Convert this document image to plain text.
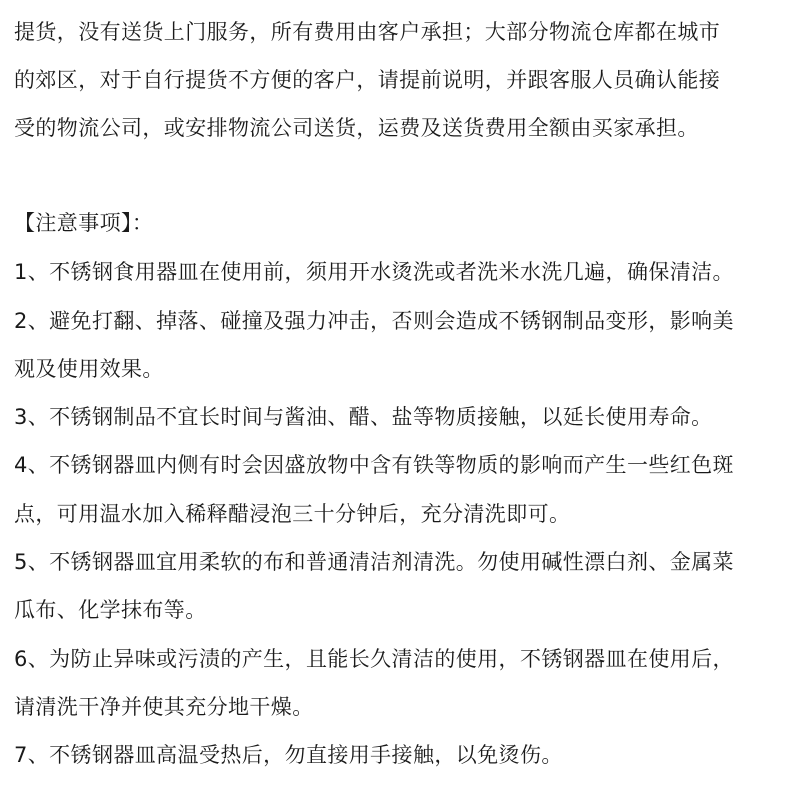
提货，没有送货上门服务，所有费用由客户承担；大部分物流仓库都在城市
的郊区，对于自行提货不方便的客户，请提前说明，并跟客服人员确认能接
受的物流公司，或安排物流公司送货，运费及送货费用全额由买家承担。
【注意事项】：
1、不锈钢食用器皿在使用前，须用开水烫洗或者洗米水洗几遍，确保清洁。
2、避免打翻、掉落、碰撞及强力冲击，否则会造成不锈钢制品变形，影响美
观及使用效果。
3、不锈钢制品不宜长时间与酱油、醋、盐等物质接触，以延长使用寿命。
4、不锈钢器皿内侧有时会因盛放物中含有铁等物质的影响而产生一些红色斑
点，可用温水加入稀释醋浸泡三十分钟后，充分清洗即可。
5、不锈钢器皿宜用柔软的布和普通清洁剂清洗。勿使用碱性漂白剂、金属菜
瓜布、化学抹布等。
6、为防止异味或污渍的产生，且能长久清洁的使用，不锈钢器皿在使用后，
请清洗干净并使其充分地干燥。
7、不锈钢器皿高温受热后，勿直接用手接触，以免烫伤。
